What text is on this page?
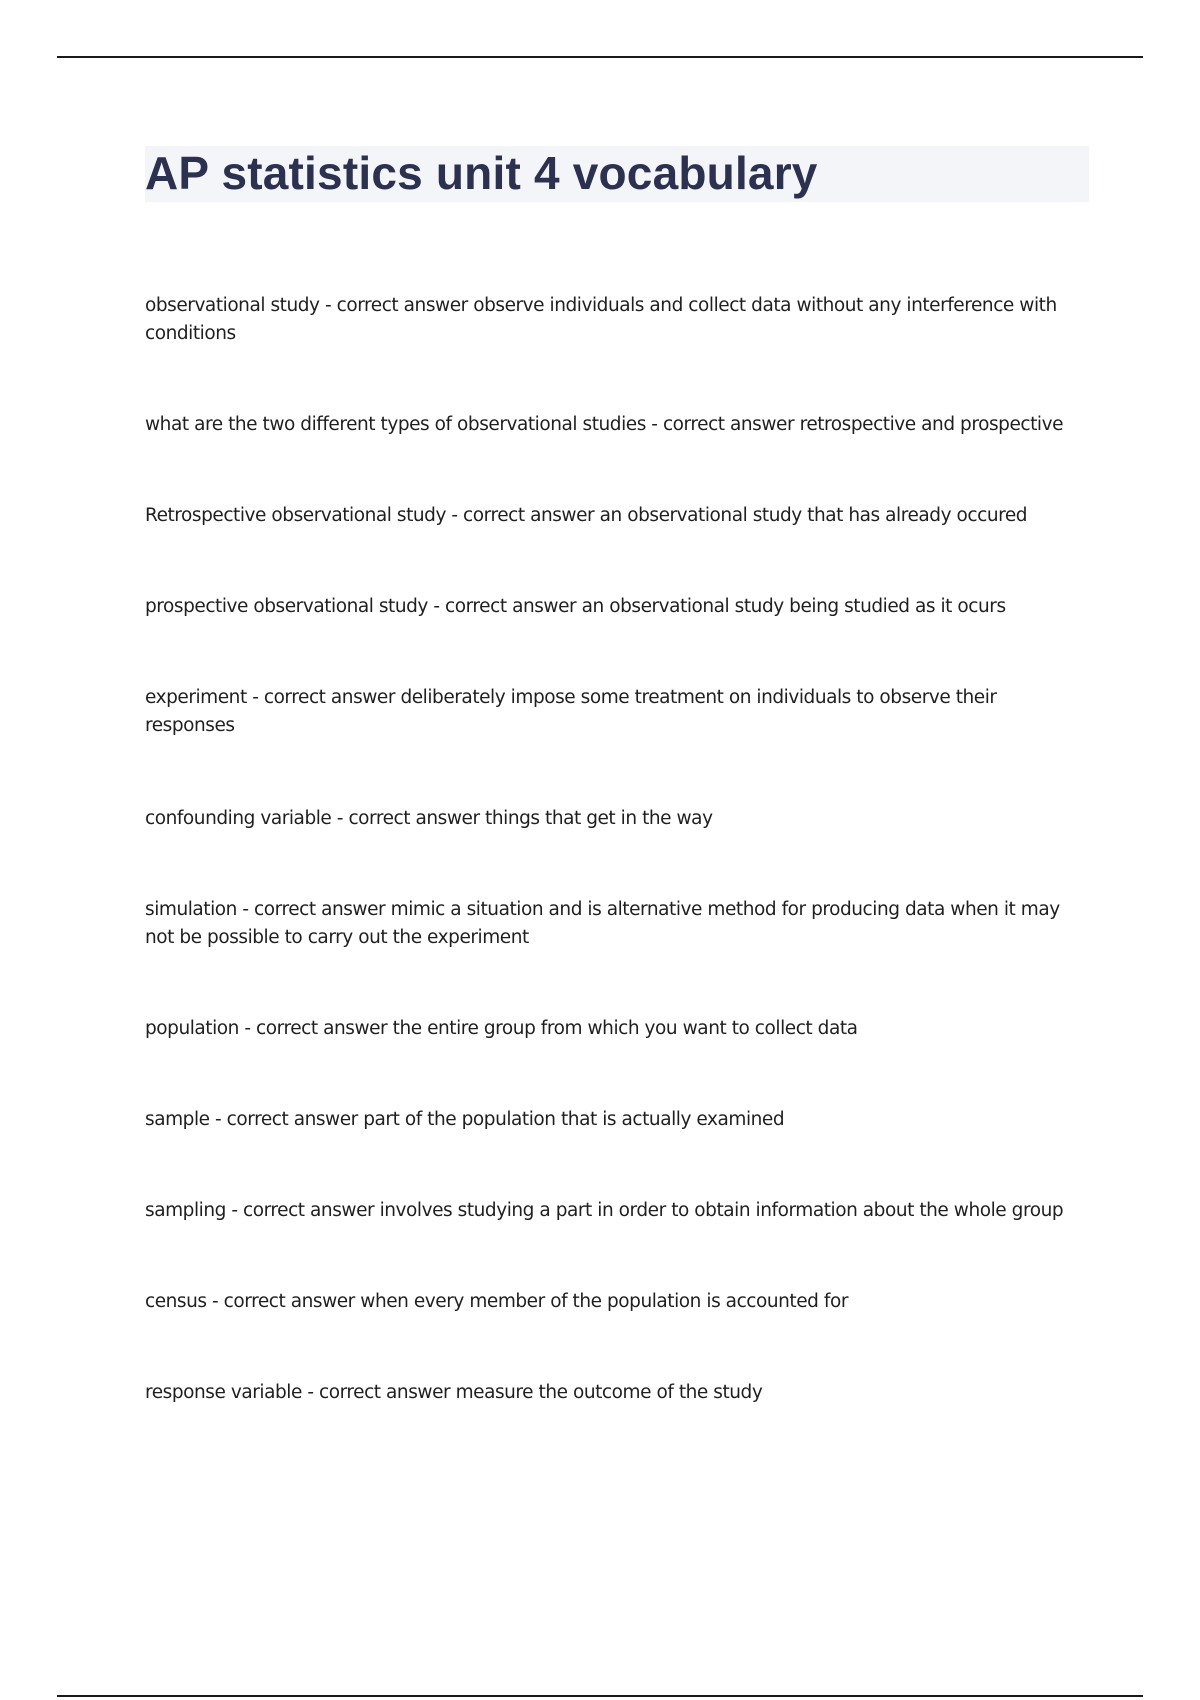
AP statistics unit 4 vocabulary

observational study - correct answer observe individuals and collect data without any interference with conditions

what are the two different types of observational studies - correct answer retrospective and prospective

Retrospective observational study - correct answer an observational study that has already occured

prospective observational study - correct answer an observational study being studied as it ocurs

experiment - correct answer deliberately impose some treatment on individuals to observe their responses

confounding variable - correct answer things that get in the way

simulation - correct answer mimic a situation and is alternative method for producing data when it may not be possible to carry out the experiment

population - correct answer the entire group from which you want to collect data

sample - correct answer part of the population that is actually examined

sampling - correct answer involves studying a part in order to obtain information about the whole group

census - correct answer when every member of the population is accounted for

response variable - correct answer measure the outcome of the study
